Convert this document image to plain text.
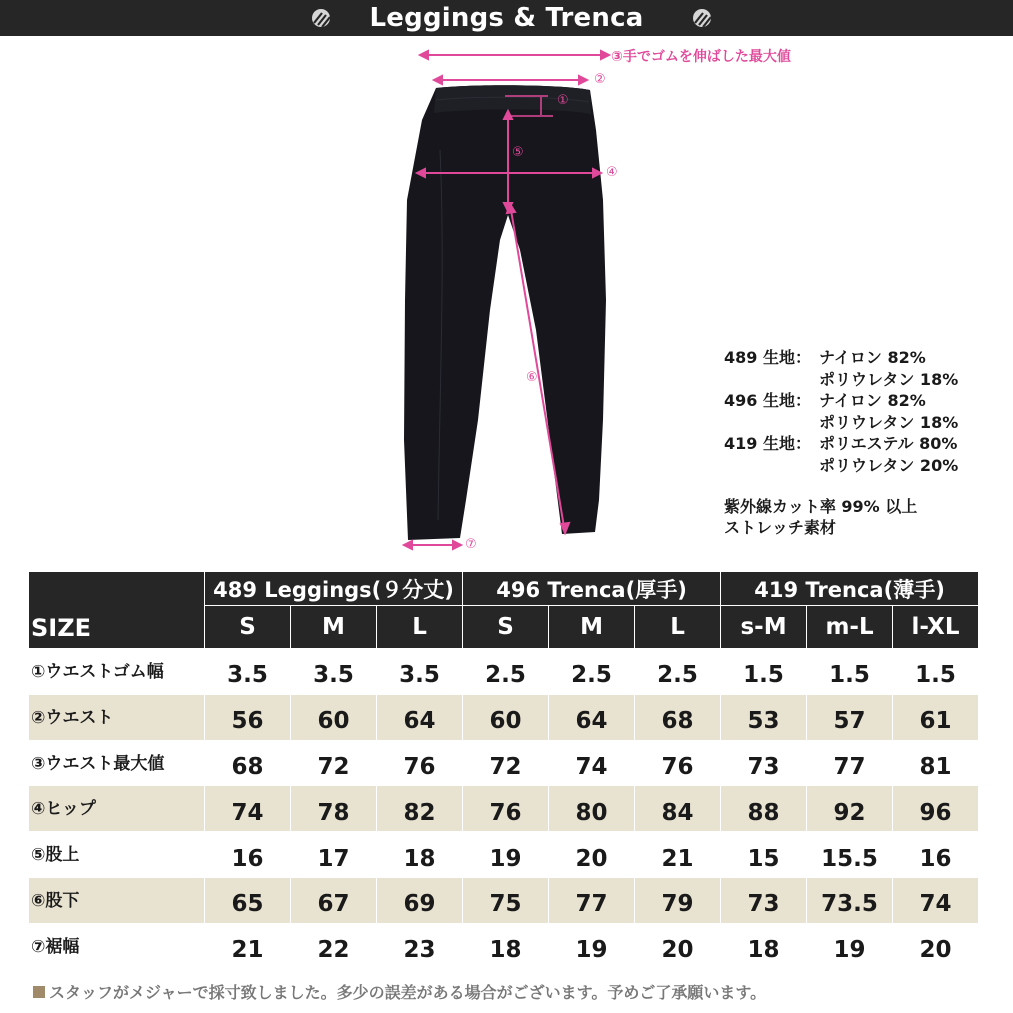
Leggings & Trenca
③手でゴムを伸ばした最大値
②
①
⑤
④
⑥
⑦
489 生地： ナイロン 82%
ポリウレタン 18%
496 生地： ナイロン 82%
ポリウレタン 18%
419 生地： ポリエステル 80%
ポリウレタン 20%
紫外線カット率 99% 以上
ストレッチ素材
SIZE	489 Leggings(９分丈)			496 Trenca(厚手)			419 Trenca(薄手)		
	S	M	L	S	M	L	s-M	m-L	l-XL
①ウエストゴム幅	3.5	3.5	3.5	2.5	2.5	2.5	1.5	1.5	1.5
②ウエスト	56	60	64	60	64	68	53	57	61
③ウエスト最大値	68	72	76	72	74	76	73	77	81
④ヒップ	74	78	82	76	80	84	88	92	96
⑤股上	16	17	18	19	20	21	15	15.5	16
⑥股下	65	67	69	75	77	79	73	73.5	74
⑦裾幅	21	22	23	18	19	20	18	19	20
スタッフがメジャーで採寸致しました。多少の誤差がある場合がございます。予めご了承願います。
